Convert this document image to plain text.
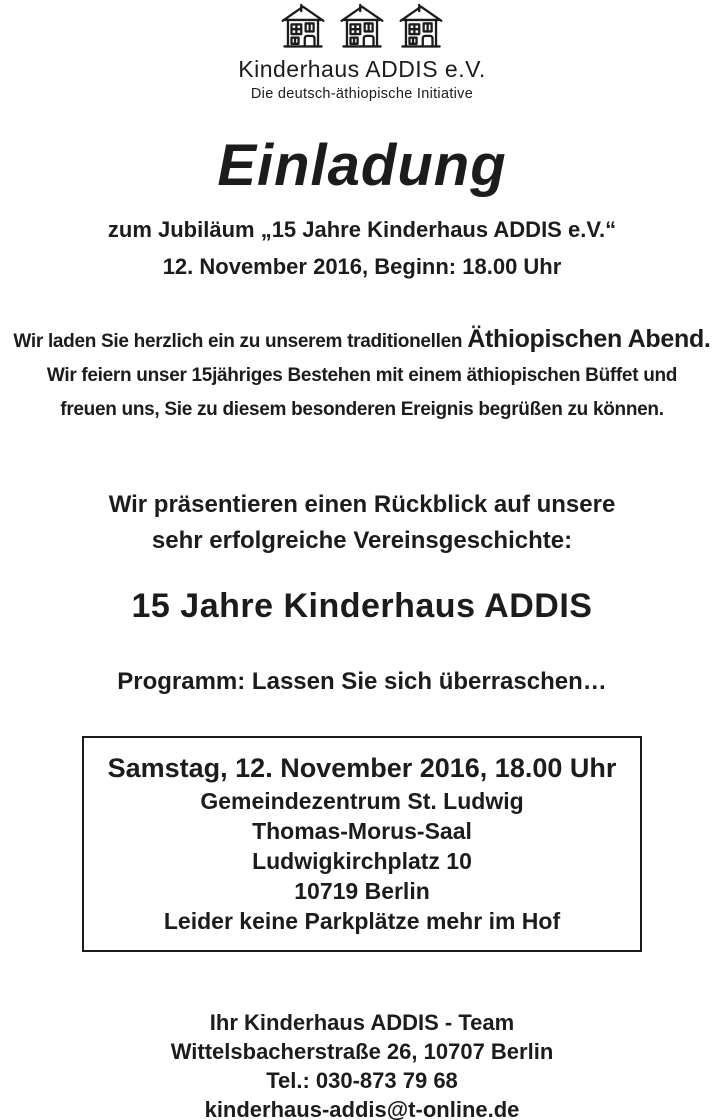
Kinderhaus ADDIS e.V.
Die deutsch-äthiopische Initiative
Einladung
zum Jubiläum „15 Jahre Kinderhaus ADDIS e.V.“
12. November 2016, Beginn: 18.00 Uhr
Wir laden Sie herzlich ein zu unserem traditionellen Äthiopischen Abend.
Wir feiern unser 15jähriges Bestehen mit einem äthiopischen Büffet und
freuen uns, Sie zu diesem besonderen Ereignis begrüßen zu können.
Wir präsentieren einen Rückblick auf unsere
sehr erfolgreiche Vereinsgeschichte:
15 Jahre Kinderhaus ADDIS
Programm: Lassen Sie sich überraschen…
Samstag, 12. November 2016, 18.00 Uhr
Gemeindezentrum St. Ludwig
Thomas-Morus-Saal
Ludwigkirchplatz 10
10719 Berlin
Leider keine Parkplätze mehr im Hof
Ihr Kinderhaus ADDIS - Team
Wittelsbacherstraße 26, 10707 Berlin
Tel.: 030-873 79 68
kinderhaus-addis@t-online.de
